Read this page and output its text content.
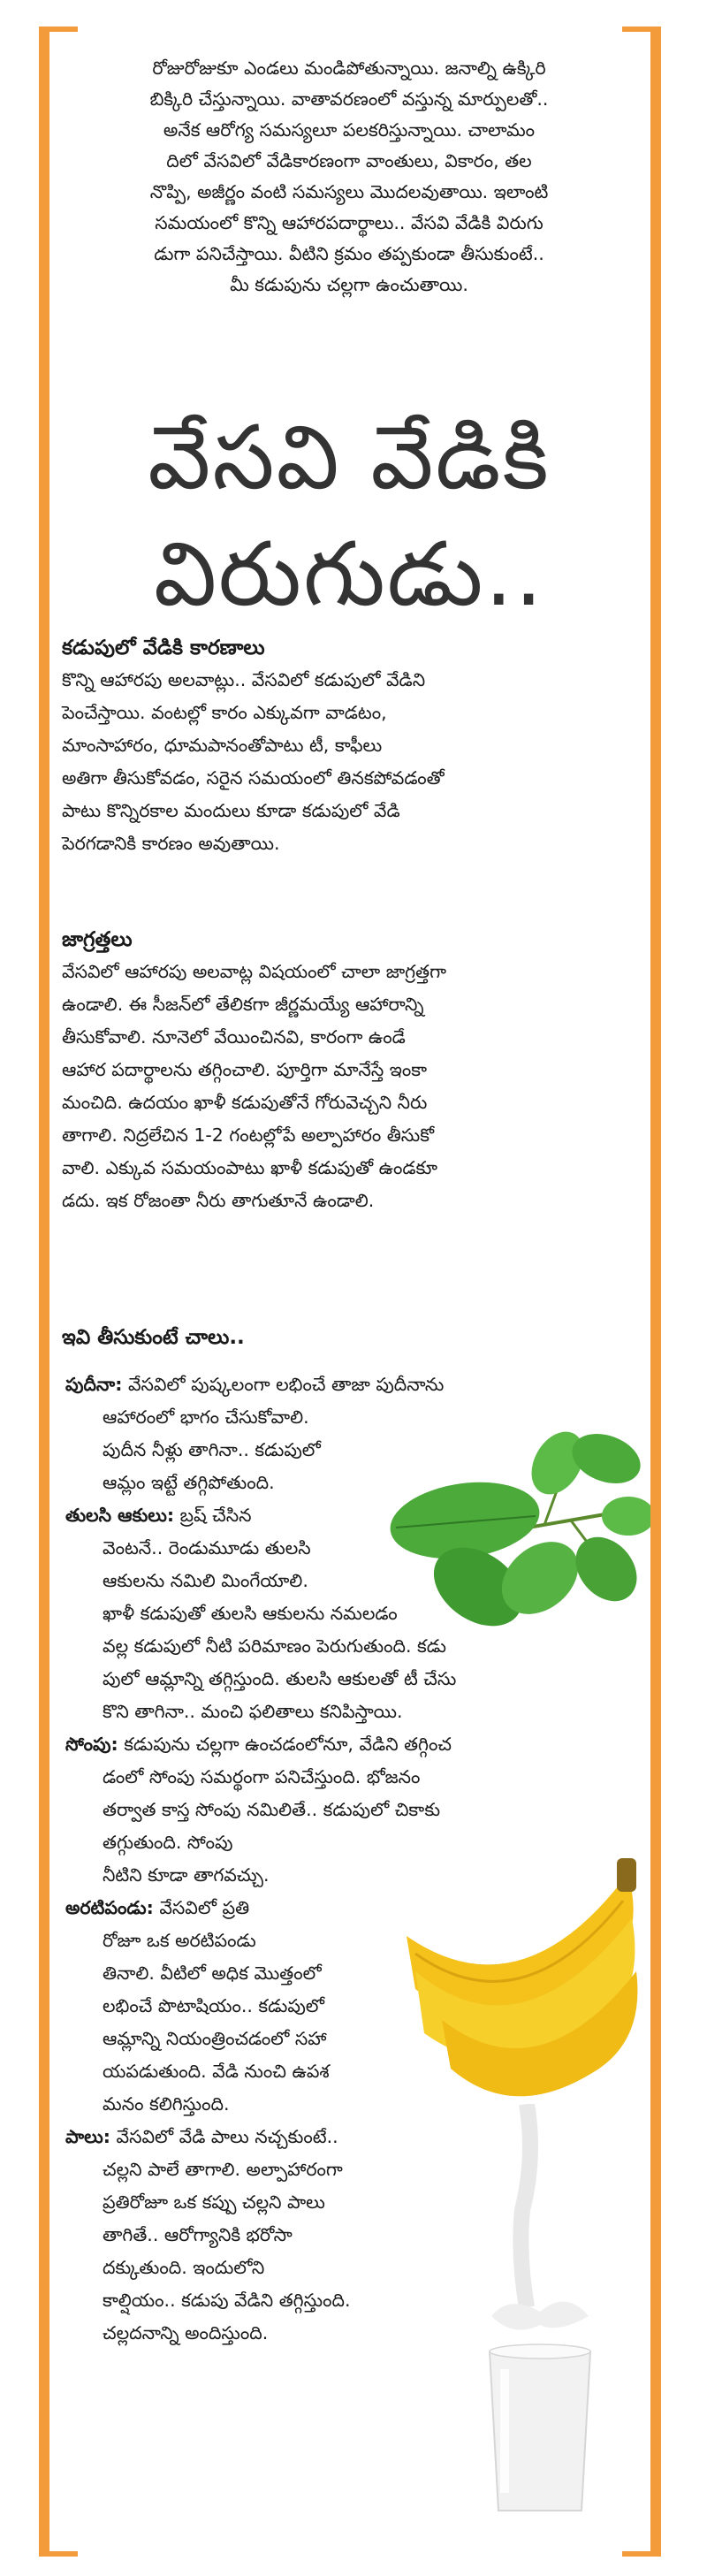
రోజురోజుకూ ఎండలు మండిపోతున్నాయి. జనాల్ని ఉక్కిరి

బిక్కిరి చేస్తున్నాయి. వాతావరణంలో వస్తున్న మార్పులతో..

అనేక ఆరోగ్య సమస్యలూ పలకరిస్తున్నాయి. చాలామం

దిలో వేసవిలో వేడికారణంగా వాంతులు, వికారం, తల

నొప్పి, అజీర్ణం వంటి సమస్యలు మొదలవుతాయి. ఇలాంటి

సమయంలో కొన్ని ఆహారపదార్థాలు.. వేసవి వేడికి విరుగు

డుగా పనిచేస్తాయి. వీటిని క్రమం తప్పకుండా తీసుకుంటే..

మీ కడుపును చల్లగా ఉంచుతాయి.

వేసవి వేడికి
విరుగుడు..

కడుపులో వేడికి కారణాలు

కొన్ని ఆహారపు అలవాట్లు.. వేసవిలో కడుపులో వేడిని

పెంచేస్తాయి. వంటల్లో కారం ఎక్కువగా వాడటం,

మాంసాహారం, ధూమపానంతోపాటు టీ, కాఫీలు

అతిగా తీసుకోవడం, సరైన సమయంలో తినకపోవడంతో

పాటు కొన్నిరకాల మందులు కూడా కడుపులో వేడి

పెరగడానికి కారణం అవుతాయి.

జాగ్రత్తలు

వేసవిలో ఆహారపు అలవాట్ల విషయంలో చాలా జాగ్రత్తగా

ఉండాలి. ఈ సీజన్‌లో తేలికగా జీర్ణమయ్యే ఆహారాన్ని

తీసుకోవాలి. నూనెలో వేయించినవి, కారంగా ఉండే

ఆహార పదార్థాలను తగ్గించాలి. పూర్తిగా మానేస్తే ఇంకా

మంచిది. ఉదయం ఖాళీ కడుపుతోనే గోరువెచ్చని నీరు

తాగాలి. నిద్రలేచిన 1-2 గంటల్లోపే అల్పాహారం తీసుకో

వాలి. ఎక్కువ సమయంపాటు ఖాళీ కడుపుతో ఉండకూ

డదు. ఇక రోజంతా నీరు తాగుతూనే ఉండాలి.

ఇవి తీసుకుంటే చాలు..

పుదీనా: వేసవిలో పుష్కలంగా లభించే తాజా పుదీనాను
ఆహారంలో భాగం చేసుకోవాలి.
పుదీన నీళ్లు తాగినా.. కడుపులో
ఆమ్లం ఇట్టే తగ్గిపోతుంది.
తులసి ఆకులు: బ్రష్ చేసిన
వెంటనే.. రెండుమూడు తులసి
ఆకులను నమిలి మింగేయాలి.
ఖాళీ కడుపుతో తులసి ఆకులను నమలడం
వల్ల కడుపులో నీటి పరిమాణం పెరుగుతుంది. కడు
పులో ఆమ్లాన్ని తగ్గిస్తుంది. తులసి ఆకులతో టీ చేసు
కొని తాగినా.. మంచి ఫలితాలు కనిపిస్తాయి.
సోంపు: కడుపును చల్లగా ఉంచడంలోనూ, వేడిని తగ్గించ
డంలో సోంపు సమర్థంగా పనిచేస్తుంది. భోజనం
తర్వాత కాస్త సోంపు నమిలితే.. కడుపులో చికాకు
తగ్గుతుంది. సోంపు
నీటిని కూడా తాగవచ్చు.
అరటిపండు: వేసవిలో ప్రతి
రోజూ ఒక అరటిపండు
తినాలి. వీటిలో అధిక మొత్తంలో
లభించే పొటాషియం.. కడుపులో
ఆమ్లాన్ని నియంత్రించడంలో సహా
యపడుతుంది. వేడి నుంచి ఉపశ
మనం కలిగిస్తుంది.
పాలు: వేసవిలో వేడి పాలు నచ్చకుంటే..
చల్లని పాలే తాగాలి. అల్పాహారంగా
ప్రతిరోజూ ఒక కప్పు చల్లని పాలు
తాగితే.. ఆరోగ్యానికి భరోసా
దక్కుతుంది. ఇందులోని
కాల్షియం.. కడుపు వేడిని తగ్గిస్తుంది.
చల్లదనాన్ని అందిస్తుంది.
